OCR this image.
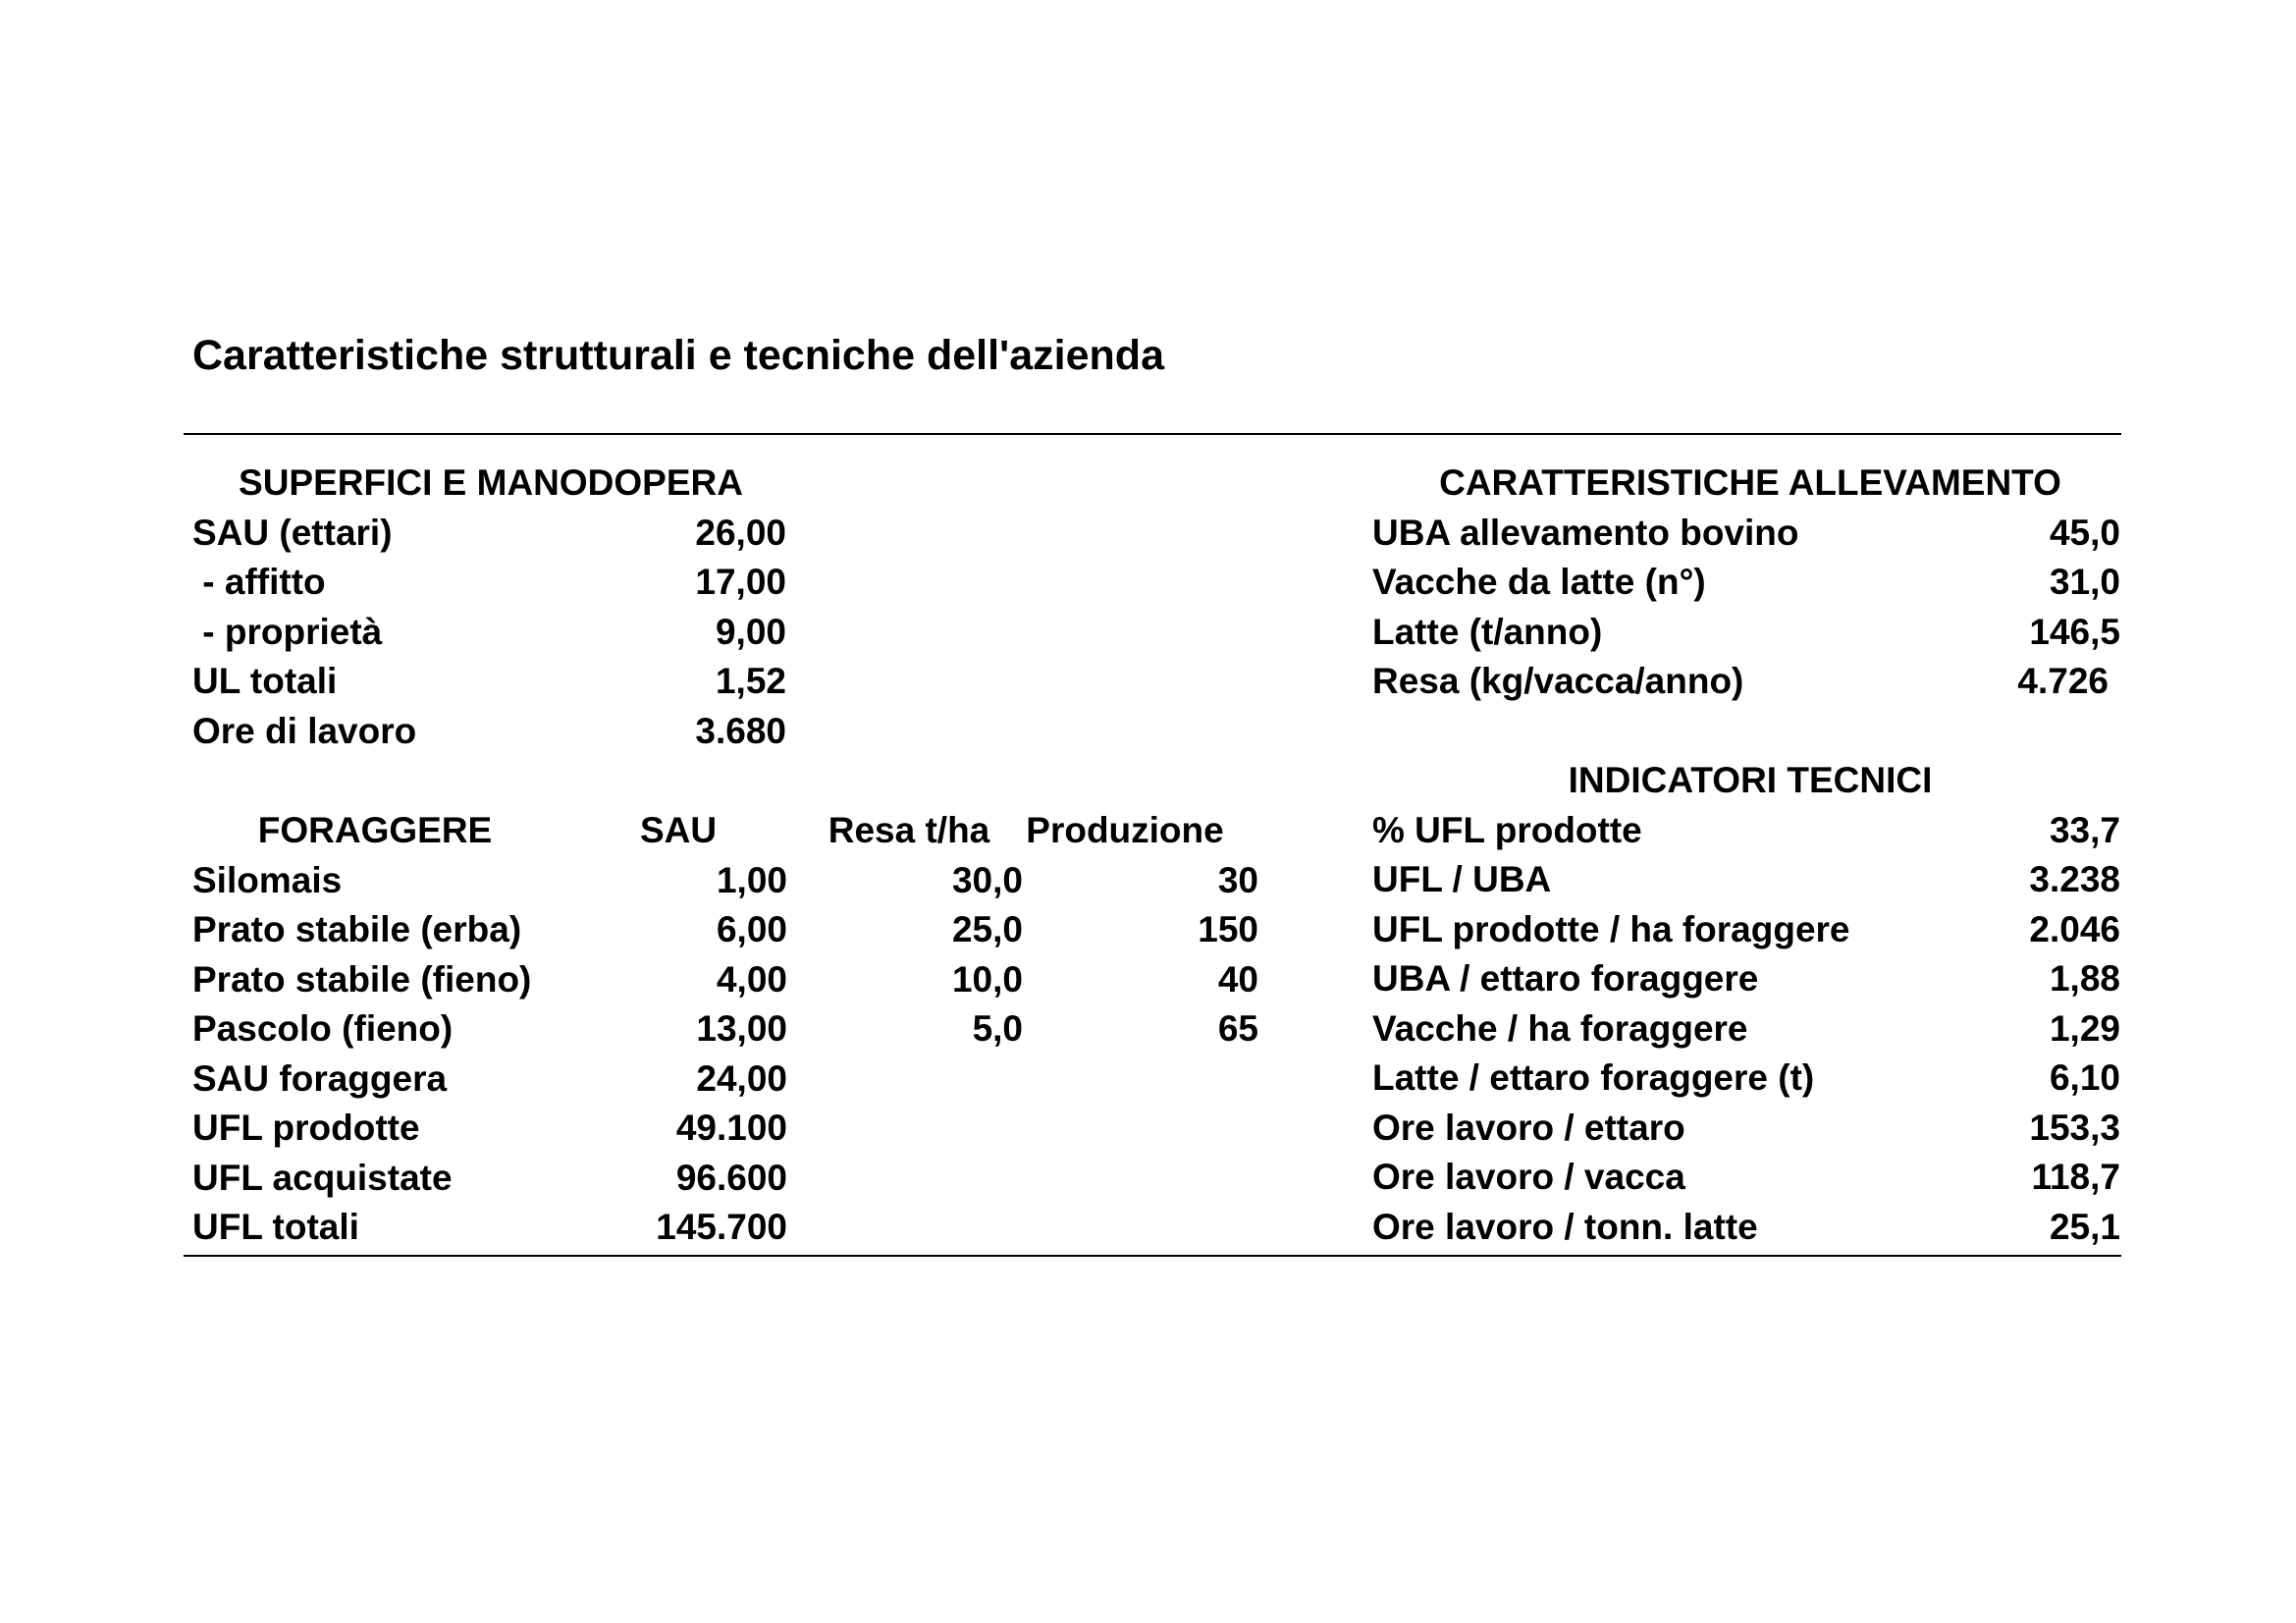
Caratteristiche strutturali e tecniche dell'azienda
SUPERFICI E MANODOPERA
SAU (ettari)	26,00
- affitto	17,00
- proprietà	9,00
UL totali	1,52
Ore di lavoro	3.680
FORAGGERE	SAU	Resa t/ha	Produzione
Silomais	1,00	30,0	30
Prato stabile (erba)	6,00	25,0	150
Prato stabile (fieno)	4,00	10,0	40
Pascolo (fieno)	13,00	5,0	65
SAU foraggera	24,00
UFL prodotte	49.100
UFL acquistate	96.600
UFL totali	145.700
CARATTERISTICHE ALLEVAMENTO
UBA allevamento bovino	45,0
Vacche da latte (n°)	31,0
Latte (t/anno)	146,5
Resa (kg/vacca/anno)	4.726
INDICATORI TECNICI
% UFL prodotte	33,7
UFL / UBA	3.238
UFL prodotte / ha foraggere	2.046
UBA / ettaro foraggere	1,88
Vacche / ha foraggere	1,29
Latte / ettaro foraggere (t)	6,10
Ore lavoro / ettaro	153,3
Ore lavoro / vacca	118,7
Ore lavoro / tonn. latte	25,1
